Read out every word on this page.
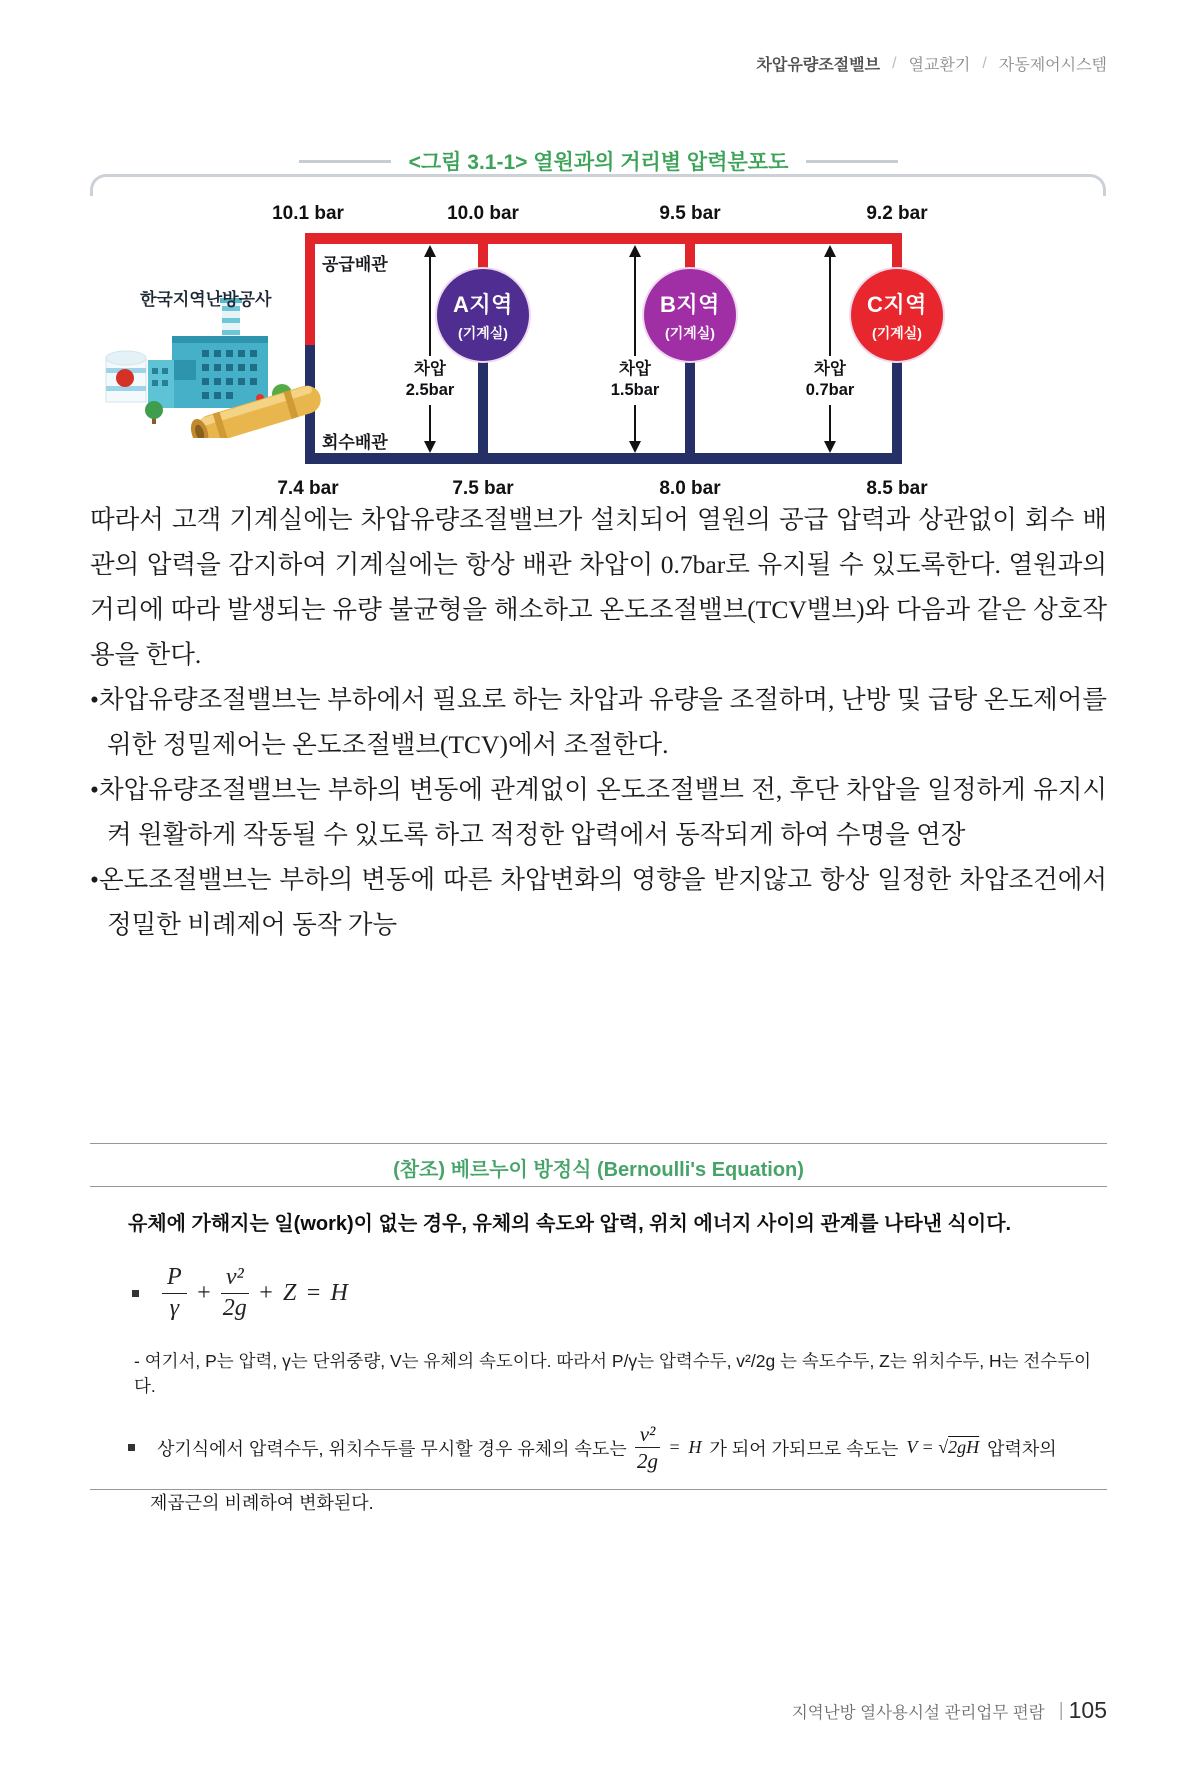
차압유량조절밸브 / 열교환기 / 자동제어시스템
<그림 3.1-1> 열원과의 거리별 압력분포도
10.1 bar	10.0 bar	9.5 bar	9.2 bar
공급배관
회수배관
차압
2.5bar
차압
1.5bar
차압
0.7bar
A지역
(기계실)
B지역
(기계실)
C지역
(기계실)
7.4 bar	7.5 bar	8.0 bar	8.5 bar
한국지역난방공사

따라서 고객 기계실에는 차압유량조절밸브가 설치되어 열원의 공급 압력과 상관없이 회수 배관의 압력을 감지하여 기계실에는 항상 배관 차압이 0.7bar로 유지될 수 있도록한다. 열원과의 거리에 따라 발생되는 유량 불균형을 해소하고 온도조절밸브(TCV밸브)와 다음과 같은 상호작용을 한다.

• 차압유량조절밸브는 부하에서 필요로 하는 차압과 유량을 조절하며, 난방 및 급탕 온도제어를 위한 정밀제어는 온도조절밸브(TCV)에서 조절한다.
• 차압유량조절밸브는 부하의 변동에 관계없이 온도조절밸브 전, 후단 차압을 일정하게 유지시켜 원활하게 작동될 수 있도록 하고 적정한 압력에서 동작되게 하여 수명을 연장
• 온도조절밸브는 부하의 변동에 따른 차압변화의 영향을 받지않고 항상 일정한 차압조건에서 정밀한 비례제어 동작 가능
(참조) 베르누이 방정식 (Bernoulli's Equation)
유체에 가해지는 일(work)이 없는 경우, 유체의 속도와 압력, 위치 에너지 사이의 관계를 나타낸 식이다.
$\frac{P}{\gamma} + \frac{\text{v²}}{2g} + Z = H$
- 여기서, P는 압력, γ는 단위중량, V는 유체의 속도이다. 따라서 P/γ는 압력수두, v²/2g 는 속도수두, Z는 위치수두, H는 전수두이다.
상기식에서 압력수두, 위치수두를 무시할 경우 유체의 속도는 $\frac{\text{v²}}{2g} = H$ 가 되어 가되므로 속도는 V = √2gH 압력차의
제곱근의 비례하여 변화된다.
지역난방 열사용시설 관리업무 편람 | 105
